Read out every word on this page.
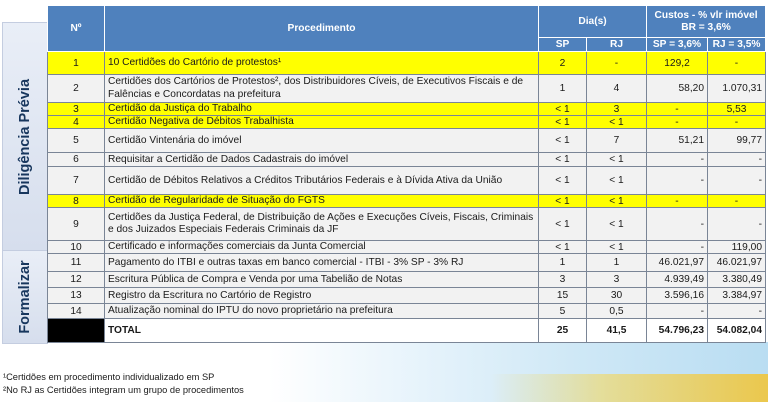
Diligência Prévia
Formalizar
Nº	Procedimento	Dia(s)		Custos - % vlr imóvel BR = 3,6%	
		SP	RJ	SP = 3,6%	RJ = 3,5%
1	10 Certidões do Cartório de protestos¹	2	-	129,2	-
2	Certidões dos Cartórios de Protestos², dos Distribuidores Cíveis, de Executivos Fiscais e de Falências e Concordatas na prefeitura	1	4	58,20	1.070,31
3	Certidão da Justiça do Trabalho	< 1	3	-	5,53
4	Certidão Negativa de Débitos Trabalhista	< 1	< 1	-	-
5	Certidão Vintenária do imóvel	< 1	7	51,21	99,77
6	Requisitar a Certidão de Dados Cadastrais do imóvel	< 1	< 1	-	-
7	Certidão de Débitos Relativos a Créditos Tributários Federais e à Dívida Ativa da União	< 1	< 1	-	-
8	Certidão de Regularidade de Situação do FGTS	< 1	< 1	-	-
9	Certidões da Justiça Federal, de Distribuição de Ações e Execuções Cíveis, Fiscais, Criminais e dos Juizados Especiais Federais Criminais da JF	< 1	< 1	-	-
10	Certificado e informações comerciais da Junta Comercial	< 1	< 1	-	119,00
11	Pagamento do ITBI e outras taxas em banco comercial - ITBI - 3% SP - 3% RJ	1	1	46.021,97	46.021,97
12	Escritura Pública de Compra e Venda por uma Tabelião de Notas	3	3	4.939,49	3.380,49
13	Registro da Escritura no Cartório de Registro	15	30	3.596,16	3.384,97
14	Atualização nominal do IPTU do novo proprietário na prefeitura	5	0,5	-	-
	TOTAL	25	41,5	54.796,23	54.082,04
¹Certidões em procedimento individualizado em SP
²No RJ as Certidões integram um grupo de procedimentos
